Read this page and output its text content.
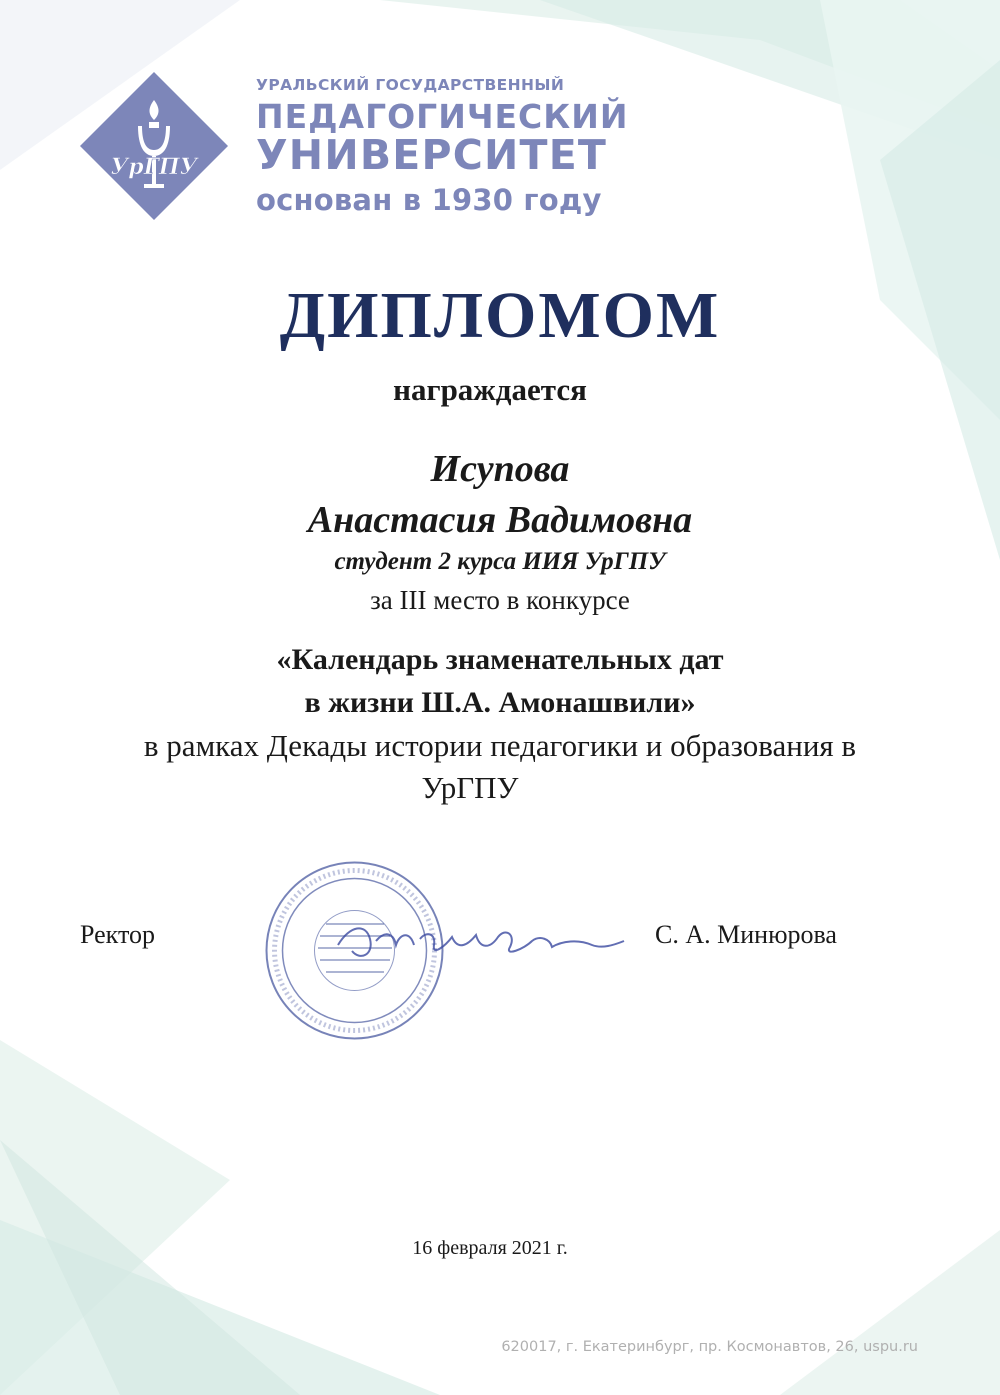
УрГПУ
УРАЛЬСКИЙ ГОСУДАРСТВЕННЫЙ
ПЕДАГОГИЧЕСКИЙ
УНИВЕРСИТЕТ
основан в 1930 году
ДИПЛОМОМ
награждается
Исупова
Анастасия Вадимовна
студент 2 курса ИИЯ УрГПУ
за III место в конкурсе
«Календарь знаменательных дат
в жизни Ш.А. Амонашвили»
в рамках Декады истории педагогики и образования в
УрГПУ
Ректор	С. А. Минюрова
16 февраля 2021 г.
620017, г. Екатеринбург, пр. Космонавтов, 26, uspu.ru
